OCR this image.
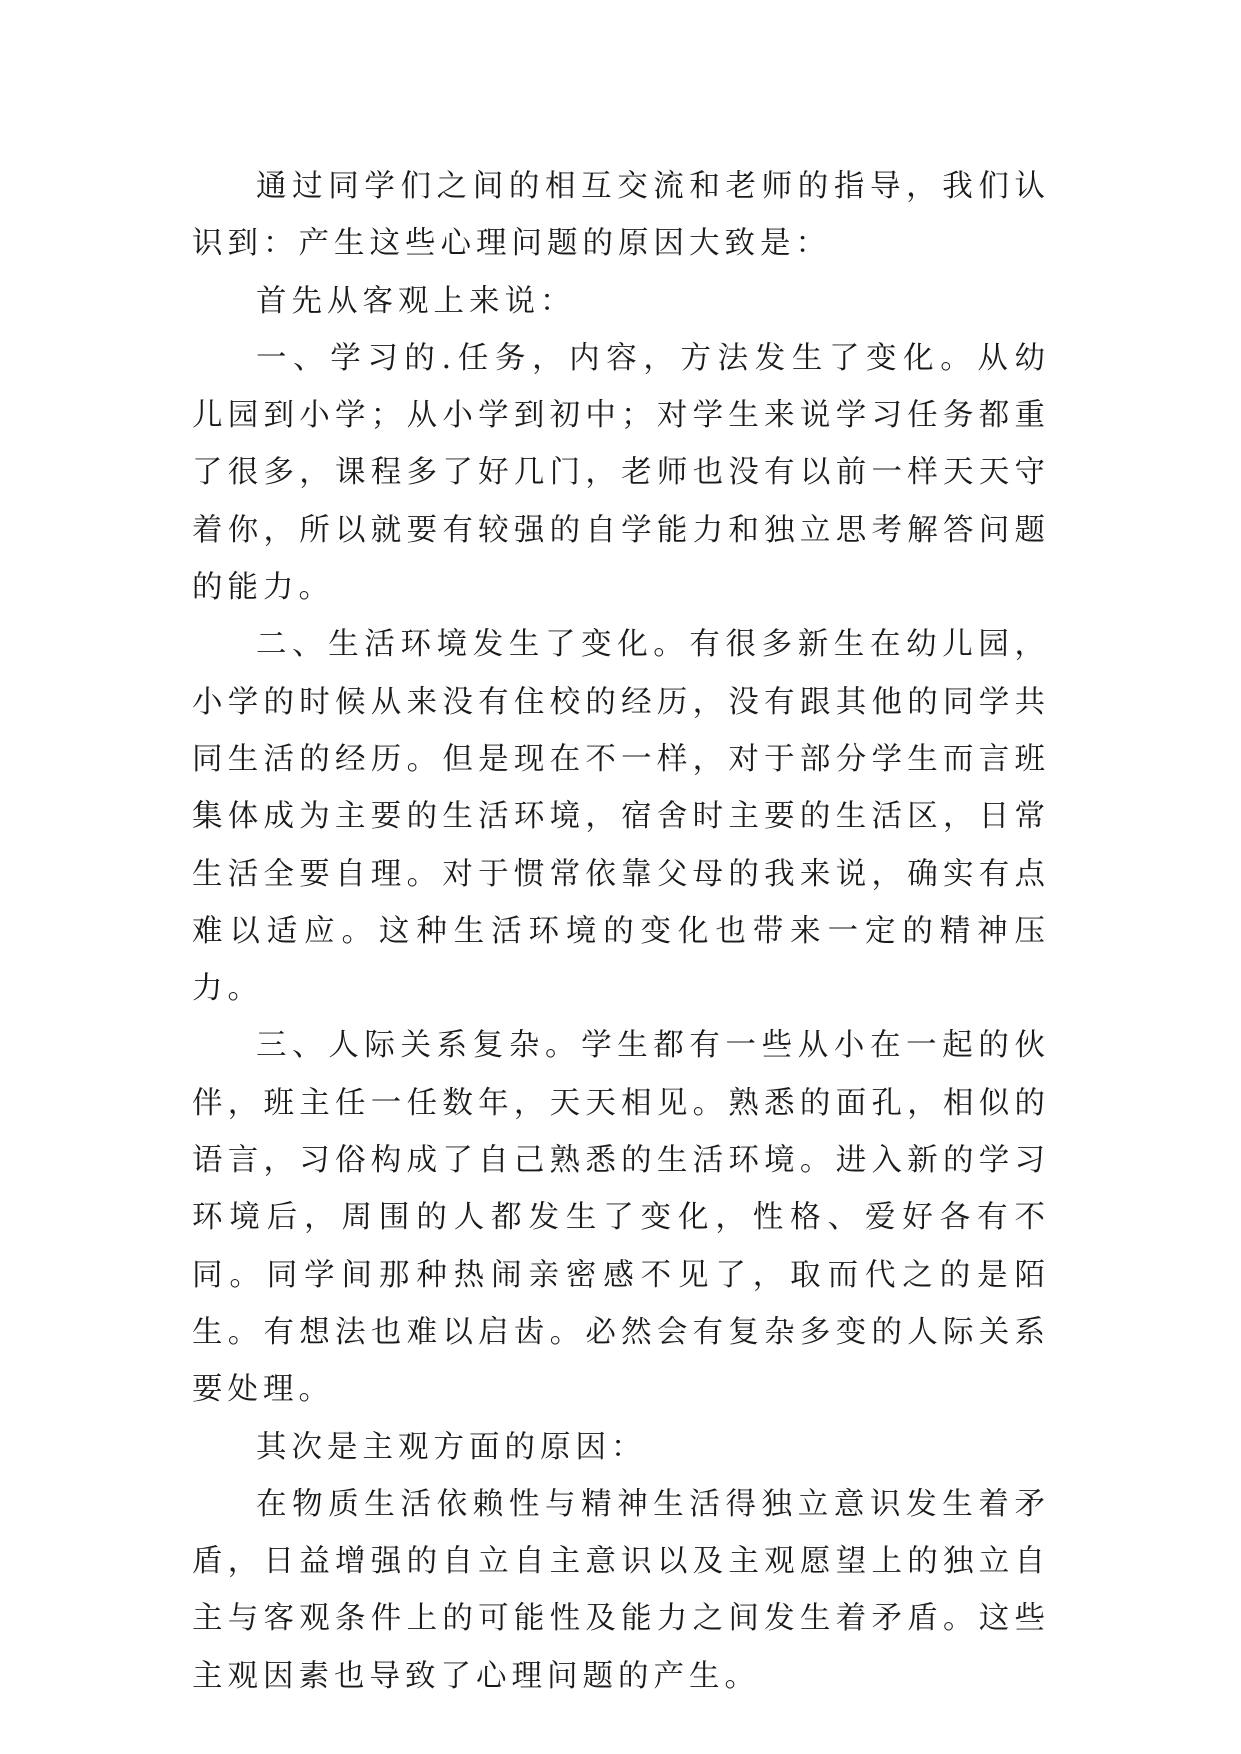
通过同学们之间的相互交流和老师的指导，我们认识到：产生这些心理问题的原因大致是：

首先从客观上来说：

一、学习的.任务，内容，方法发生了变化。从幼儿园到小学；从小学到初中；对学生来说学习任务都重了很多，课程多了好几门，老师也没有以前一样天天守着你，所以就要有较强的自学能力和独立思考解答问题的能力。

二、生活环境发生了变化。有很多新生在幼儿园，小学的时候从来没有住校的经历，没有跟其他的同学共同生活的经历。但是现在不一样，对于部分学生而言班集体成为主要的生活环境，宿舍时主要的生活区，日常生活全要自理。对于惯常依靠父母的我来说，确实有点难以适应。这种生活环境的变化也带来一定的精神压力。

三、人际关系复杂。学生都有一些从小在一起的伙伴，班主任一任数年，天天相见。熟悉的面孔，相似的语言，习俗构成了自己熟悉的生活环境。进入新的学习环境后，周围的人都发生了变化，性格、爱好各有不同。同学间那种热闹亲密感不见了，取而代之的是陌生。有想法也难以启齿。必然会有复杂多变的人际关系要处理。

其次是主观方面的原因：

在物质生活依赖性与精神生活得独立意识发生着矛盾，日益增强的自立自主意识以及主观愿望上的独立自主与客观条件上的可能性及能力之间发生着矛盾。这些主观因素也导致了心理问题的产生。
